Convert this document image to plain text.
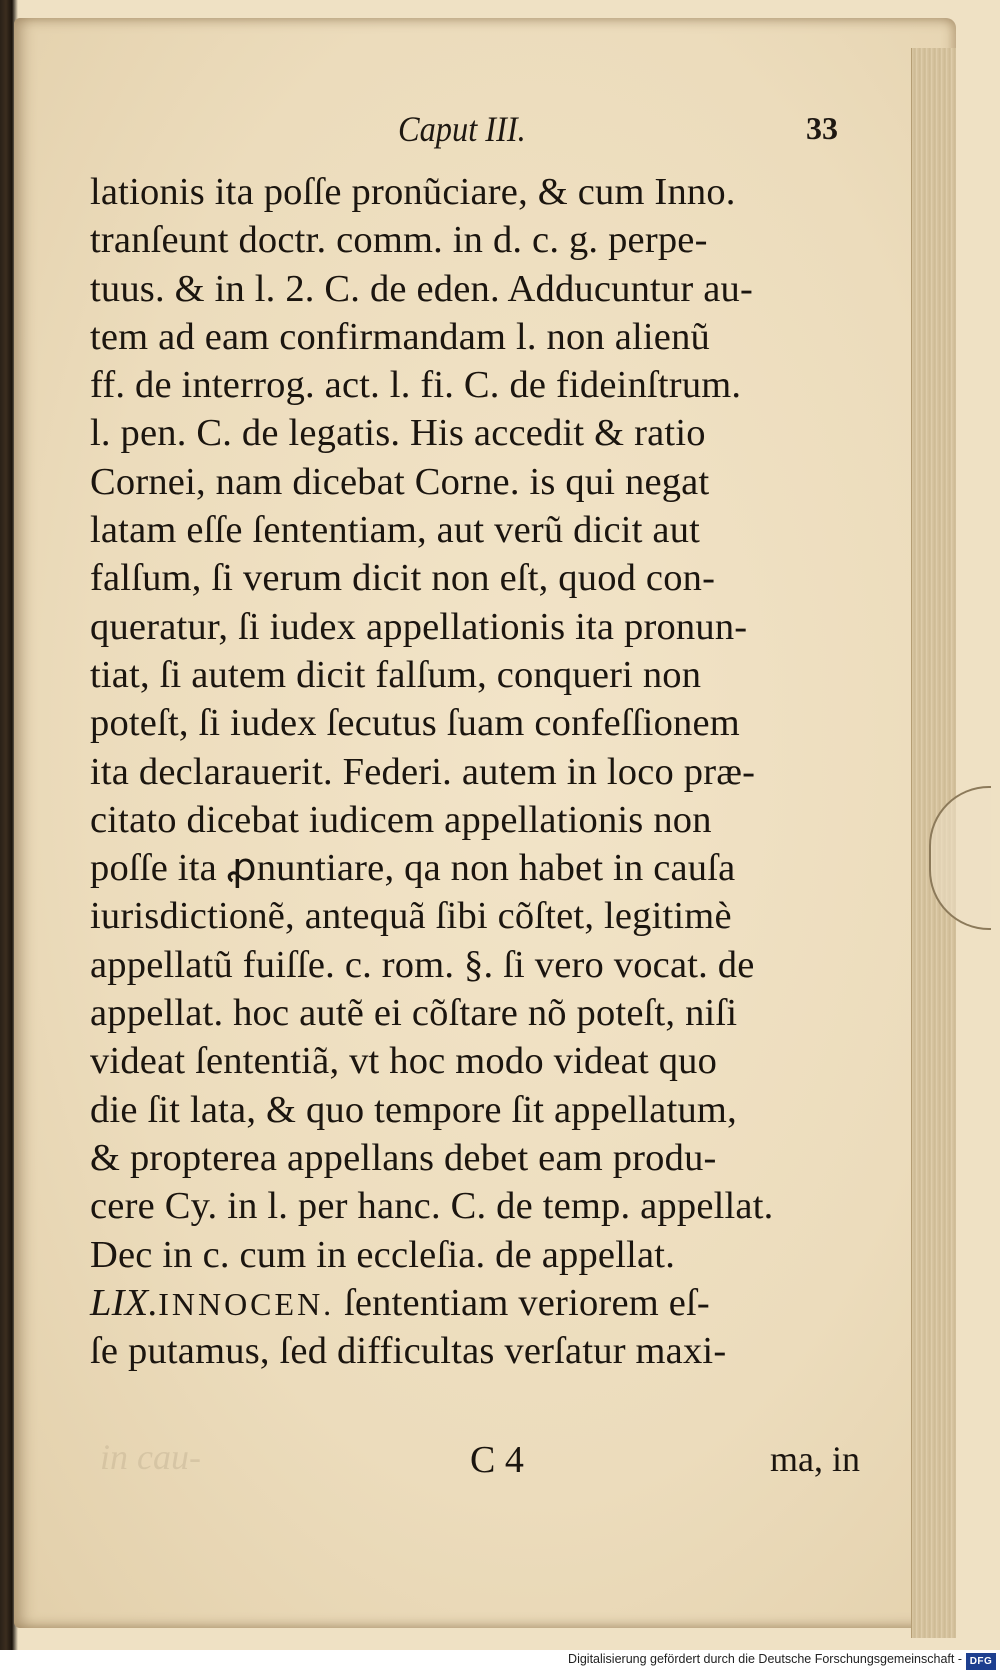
in cau-
Caput III.	33
lationis ita poſſe pronũciare, & cum Inno.
tranſeunt doctr. comm. in d. c. g. perpe-
tuus. & in l. 2. C. de eden. Adducuntur au-
tem ad eam confirmandam l. non alienũ
ff. de interrog. act. l. fi. C. de fideinſtrum.
l. pen. C. de legatis. His accedit & ratio
Cornei, nam dicebat Corne. is qui negat
latam eſſe ſententiam, aut verũ dicit aut
falſum, ſi verum dicit non eſt, quod con-
queratur, ſi iudex appellationis ita pronun-
tiat, ſi autem dicit falſum, conqueri non
poteſt, ſi iudex ſecutus ſuam confeſſionem
ita declarauerit. Federi. autem in loco præ-
citato dicebat iudicem appellationis non
poſſe ita ꝓnuntiare, qa non habet in cauſa
iurisdictionẽ, antequã ſibi cõſtet, legitimè
appellatũ fuiſſe. c. rom. §. ſi vero vocat. de
appellat. hoc autẽ ei cõſtare nõ poteſt, niſi
videat ſententiã, vt hoc modo videat quo
die ſit lata, & quo tempore ſit appellatum,
& propterea appellans debet eam produ-
cere Cy. in l. per hanc. C. de temp. appellat.
Dec in c. cum in eccleſia. de appellat.
LIX.INNOCEN. ſententiam veriorem eſ-
ſe putamus, ſed difficultas verſatur maxi-
C 4	ma, in
Digitalisierung gefördert durch die Deutsche Forschungsgemeinschaft - DFG
